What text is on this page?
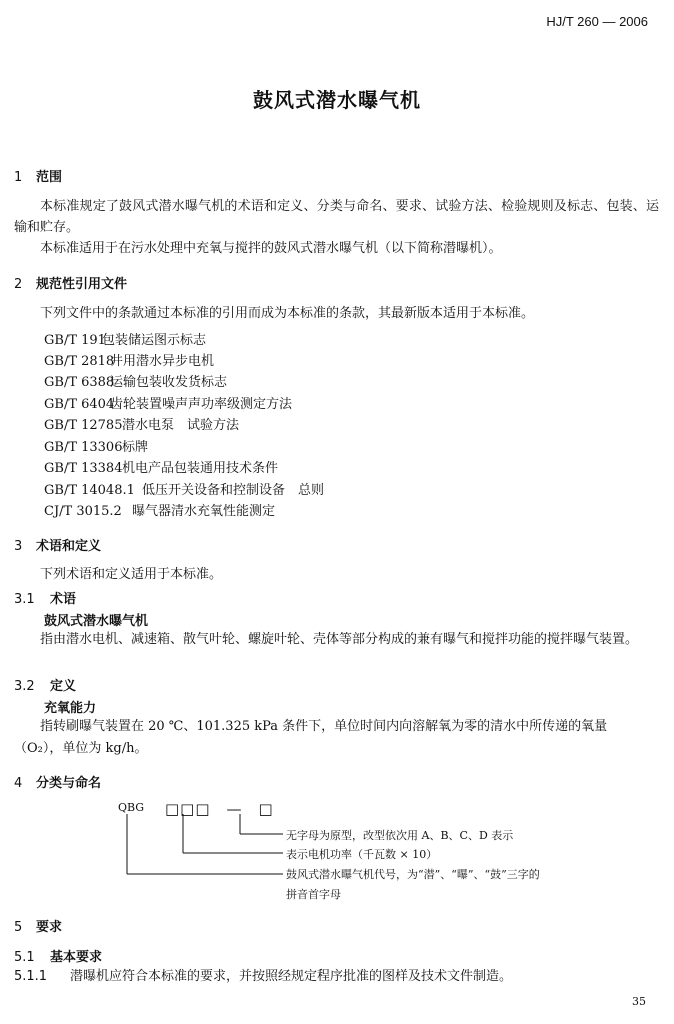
HJ/T 260 — 2006
鼓风式潜水曝气机
1 范围
本标准规定了鼓风式潜水曝气机的术语和定义、分类与命名、要求、试验方法、检验规则及标志、包装、运输和贮存。
本标准适用于在污水处理中充氧与搅拌的鼓风式潜水曝气机（以下简称潜曝机）。
2 规范性引用文件
下列文件中的条款通过本标准的引用而成为本标准的条款，其最新版本适用于本标准。
GB/T 191包装储运图示标志
GB/T 2818井用潜水异步电机
GB/T 6388运输包装收发货标志
GB/T 6404齿轮装置噪声声功率级测定方法
GB/T 12785潜水电泵　试验方法
GB/T 13306标牌
GB/T 13384机电产品包装通用技术条件
GB/T 14048.1 低压开关设备和控制设备　总则
CJ/T 3015.2 曝气器清水充氧性能测定
3 术语和定义
下列术语和定义适用于本标准。
3.1 术语
鼓风式潜水曝气机
指由潜水电机、减速箱、散气叶轮、螺旋叶轮、壳体等部分构成的兼有曝气和搅拌功能的搅拌曝气装置。
3.2 定义
充氧能力
指转刷曝气装置在 20 ℃、101.325 kPa 条件下，单位时间内向溶解氧为零的清水中所传递的氧量
（O₂），单位为 kg/h。
4 分类与命名
QBG □□□　—　□
无字母为原型，改型依次用 A、B、C、D 表示
表示电机功率（千瓦数 × 10）
鼓风式潜水曝气机代号，为“潜”、“曝”、“鼓”三字的
拼音首字母
5 要求
5.1 基本要求
5.1.1 潜曝机应符合本标准的要求，并按照经规定程序批准的图样及技术文件制造。
35
